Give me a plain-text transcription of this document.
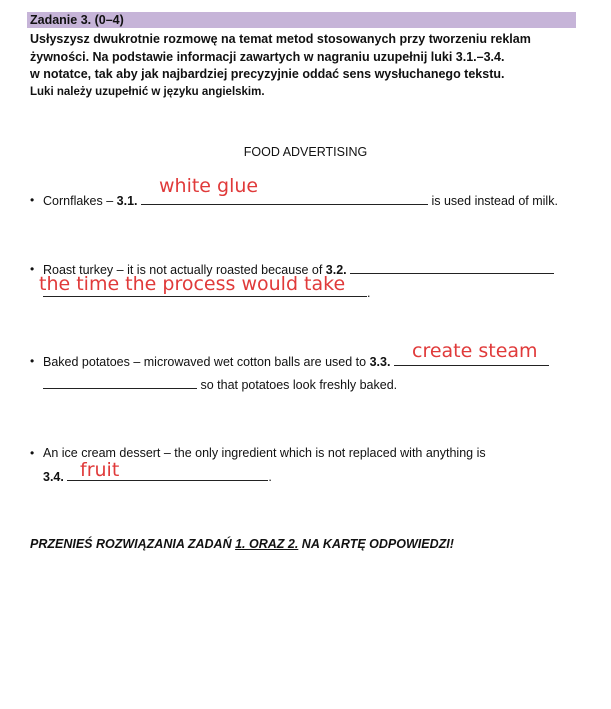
Zadanie 3. (0–4)
Usłyszysz dwukrotnie rozmowę na temat metod stosowanych przy tworzeniu reklam
żywności. Na podstawie informacji zawartych w nagraniu uzupełnij luki 3.1.–3.4.
w notatce, tak aby jak najbardziej precyzyjnie oddać sens wysłuchanego tekstu.
Luki należy uzupełnić w języku angielskim.
FOOD ADVERTISING
• Cornflakes – 3.1.	is used instead of milk.
white glue
• Roast turkey – it is not actually roasted because of 3.2.
.
the time the process would take
• Baked potatoes – microwaved wet cotton balls are used to 3.3.
so that potatoes look freshly baked.
create steam
• An ice cream dessert – the only ingredient which is not replaced with anything is
3.4.	.
fruit
PRZENIEŚ ROZWIĄZANIA ZADAŃ 1. ORAZ 2. NA KARTĘ ODPOWIEDZI!
